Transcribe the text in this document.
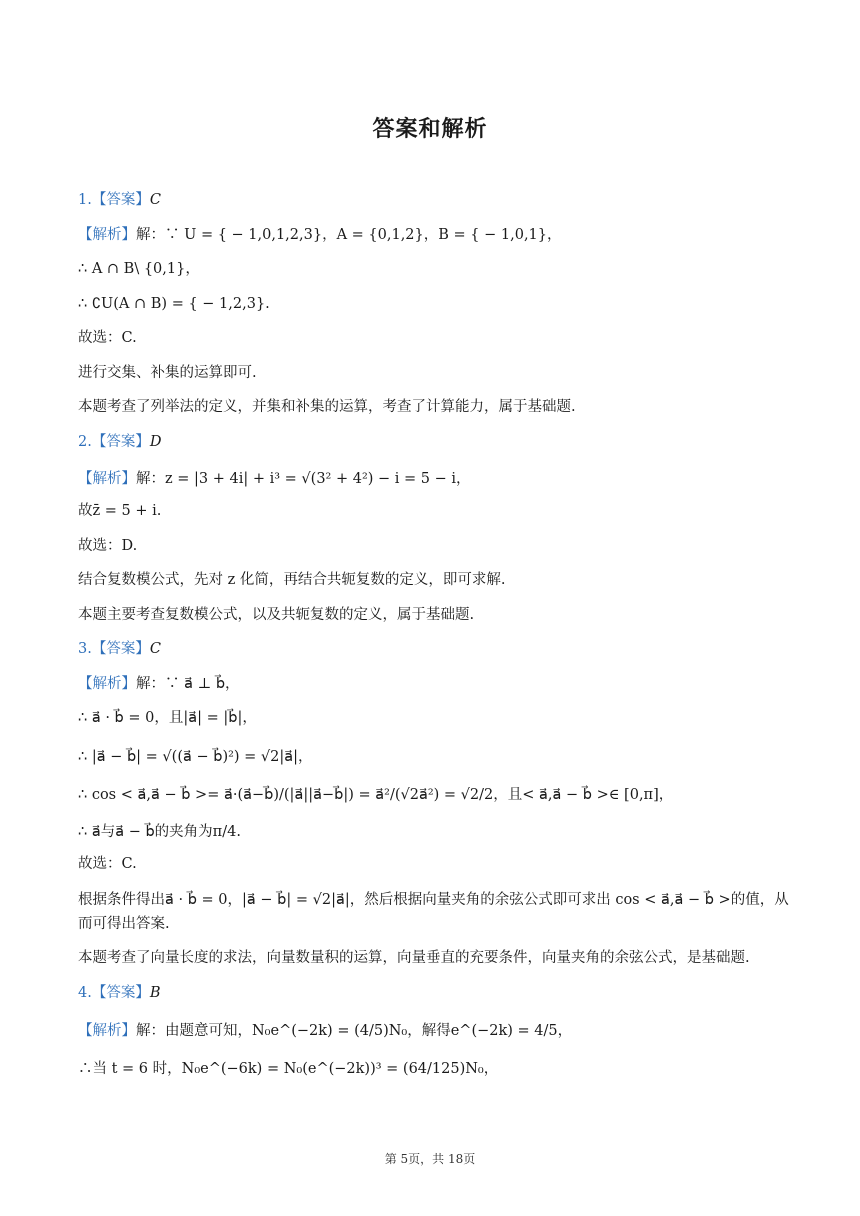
答案和解析
1.【答案】C
【解析】解：∵ U = { − 1,0,1,2,3}，A = {0,1,2}，B = { − 1,0,1}，
∴ A ∩ B\ {0,1}，
∴ ∁U(A ∩ B) = { − 1,2,3}.
故选：C.
进行交集、补集的运算即可.
本题考查了列举法的定义，并集和补集的运算，考查了计算能力，属于基础题.
2.【答案】D
【解析】解：z = |3 + 4i| + i³ = √(3² + 4²) − i = 5 − i，
故z̄ = 5 + i.
故选：D.
结合复数模公式，先对 z 化简，再结合共轭复数的定义，即可求解.
本题主要考查复数模公式，以及共轭复数的定义，属于基础题.
3.【答案】C
【解析】解：∵ a⃗ ⊥ b⃗，
∴ a⃗ · b⃗ = 0，且|a⃗| = |b⃗|，
∴ |a⃗ − b⃗| = √((a⃗ − b⃗)²) = √2|a⃗|，
∴ cos < a⃗,a⃗ − b⃗ >= a⃗·(a⃗−b⃗)/(|a⃗||a⃗−b⃗|) = a⃗²/(√2a⃗²) = √2/2，且< a⃗,a⃗ − b⃗ >∈ [0,π]，
∴ a⃗与a⃗ − b⃗的夹角为π/4.
故选：C.
根据条件得出a⃗ · b⃗ = 0，|a⃗ − b⃗| = √2|a⃗|，然后根据向量夹角的余弦公式即可求出 cos < a⃗,a⃗ − b⃗ >的值，从而可得出答案.
本题考查了向量长度的求法，向量数量积的运算，向量垂直的充要条件，向量夹角的余弦公式，是基础题.
4.【答案】B
【解析】解：由题意可知，N₀e^(−2k) = (4/5)N₀，解得e^(−2k) = 4/5，
∴当 t = 6 时，N₀e^(−6k) = N₀(e^(−2k))³ = (64/125)N₀，
第 5页，共 18页
